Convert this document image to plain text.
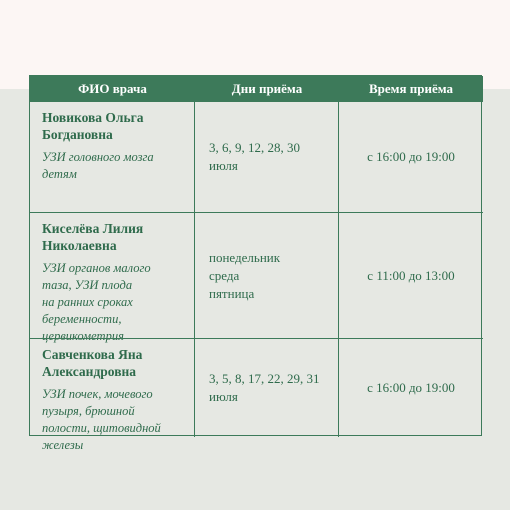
ФИО врача	Дни приёма	Время приёма
Новикова Ольга
Богдановна
УЗИ головного мозга
детям
3, 6, 9, 12, 28, 30
июля
с 16:00 до 19:00
Киселёва Лилия
Николаевна
УЗИ органов малого
таза, УЗИ плода
на ранних сроках
беременности,
цервикометрия
понедельник
среда
пятница
с 11:00 до 13:00
Савченкова Яна
Александровна
УЗИ почек, мочевого
пузыря, брюшной
полости, щитовидной
железы
3, 5, 8, 17, 22, 29, 31
июля
с 16:00 до 19:00
